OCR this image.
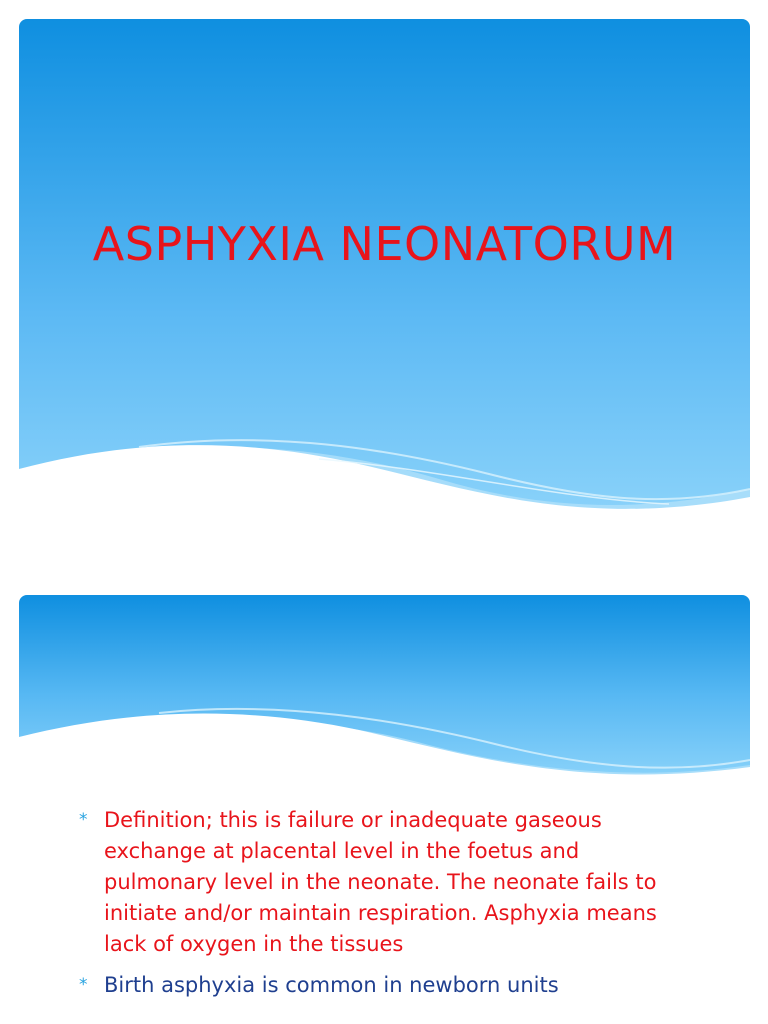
ASPHYXIA NEONATORUM
* Definition; this is failure or inadequate gaseous exchange at placental level in the foetus and pulmonary level in the neonate. The neonate fails to initiate and/or maintain respiration. Asphyxia means lack of oxygen in the tissues
* Birth asphyxia is common in newborn units
